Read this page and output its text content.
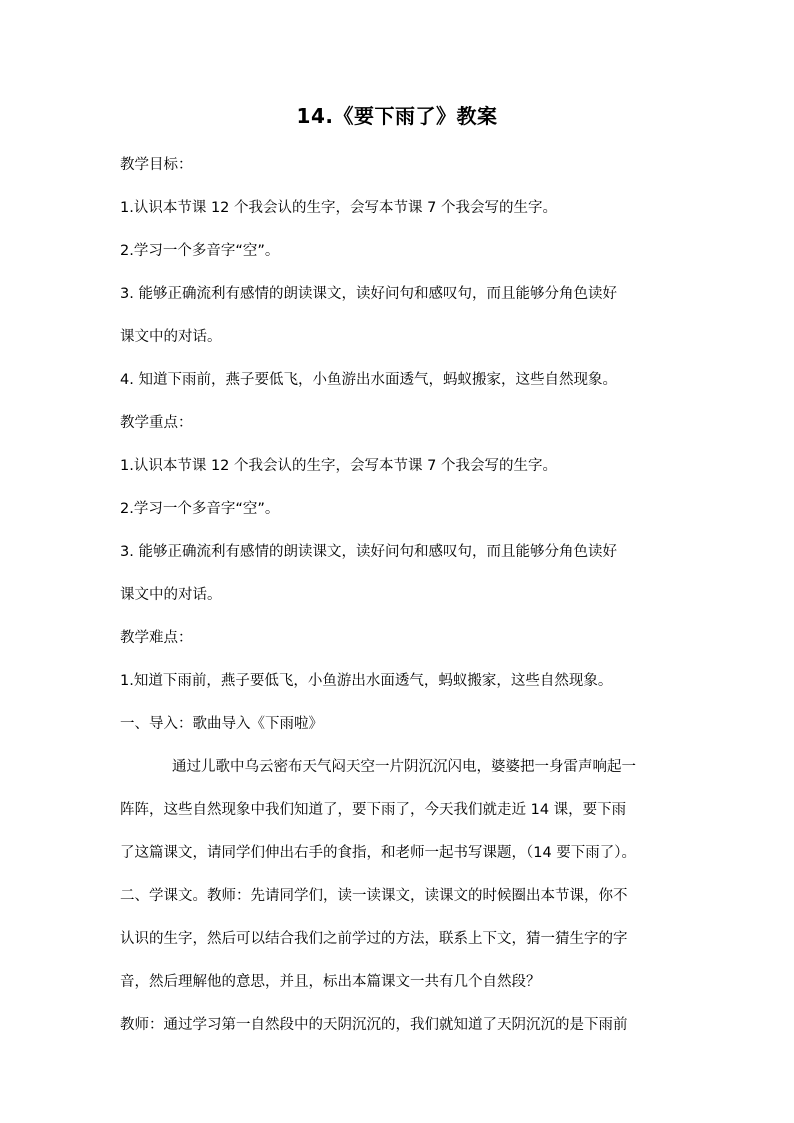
14.《要下雨了》教案
教学目标：
1.认识本节课 12 个我会认的生字，会写本节课 7 个我会写的生字。
2.学习一个多音字“空”。
3. 能够正确流利有感情的朗读课文，读好问句和感叹句，而且能够分角色读好
课文中的对话。
4. 知道下雨前，燕子要低飞，小鱼游出水面透气，蚂蚁搬家，这些自然现象。
教学重点：
1.认识本节课 12 个我会认的生字，会写本节课 7 个我会写的生字。
2.学习一个多音字“空”。
3. 能够正确流利有感情的朗读课文，读好问句和感叹句，而且能够分角色读好
课文中的对话。
教学难点：
1.知道下雨前，燕子要低飞，小鱼游出水面透气，蚂蚁搬家，这些自然现象。
一、导入：歌曲导入《下雨啦》
通过儿歌中乌云密布天气闷天空一片阴沉沉闪电，婆婆把一身雷声响起一
阵阵，这些自然现象中我们知道了，要下雨了，今天我们就走近 14 课，要下雨
了这篇课文，请同学们伸出右手的食指，和老师一起书写课题，（14 要下雨了）。
二、学课文。教师：先请同学们，读一读课文，读课文的时候圈出本节课，你不
认识的生字，然后可以结合我们之前学过的方法，联系上下文，猜一猜生字的字
音，然后理解他的意思，并且，标出本篇课文一共有几个自然段？
教师：通过学习第一自然段中的天阴沉沉的，我们就知道了天阴沉沉的是下雨前
